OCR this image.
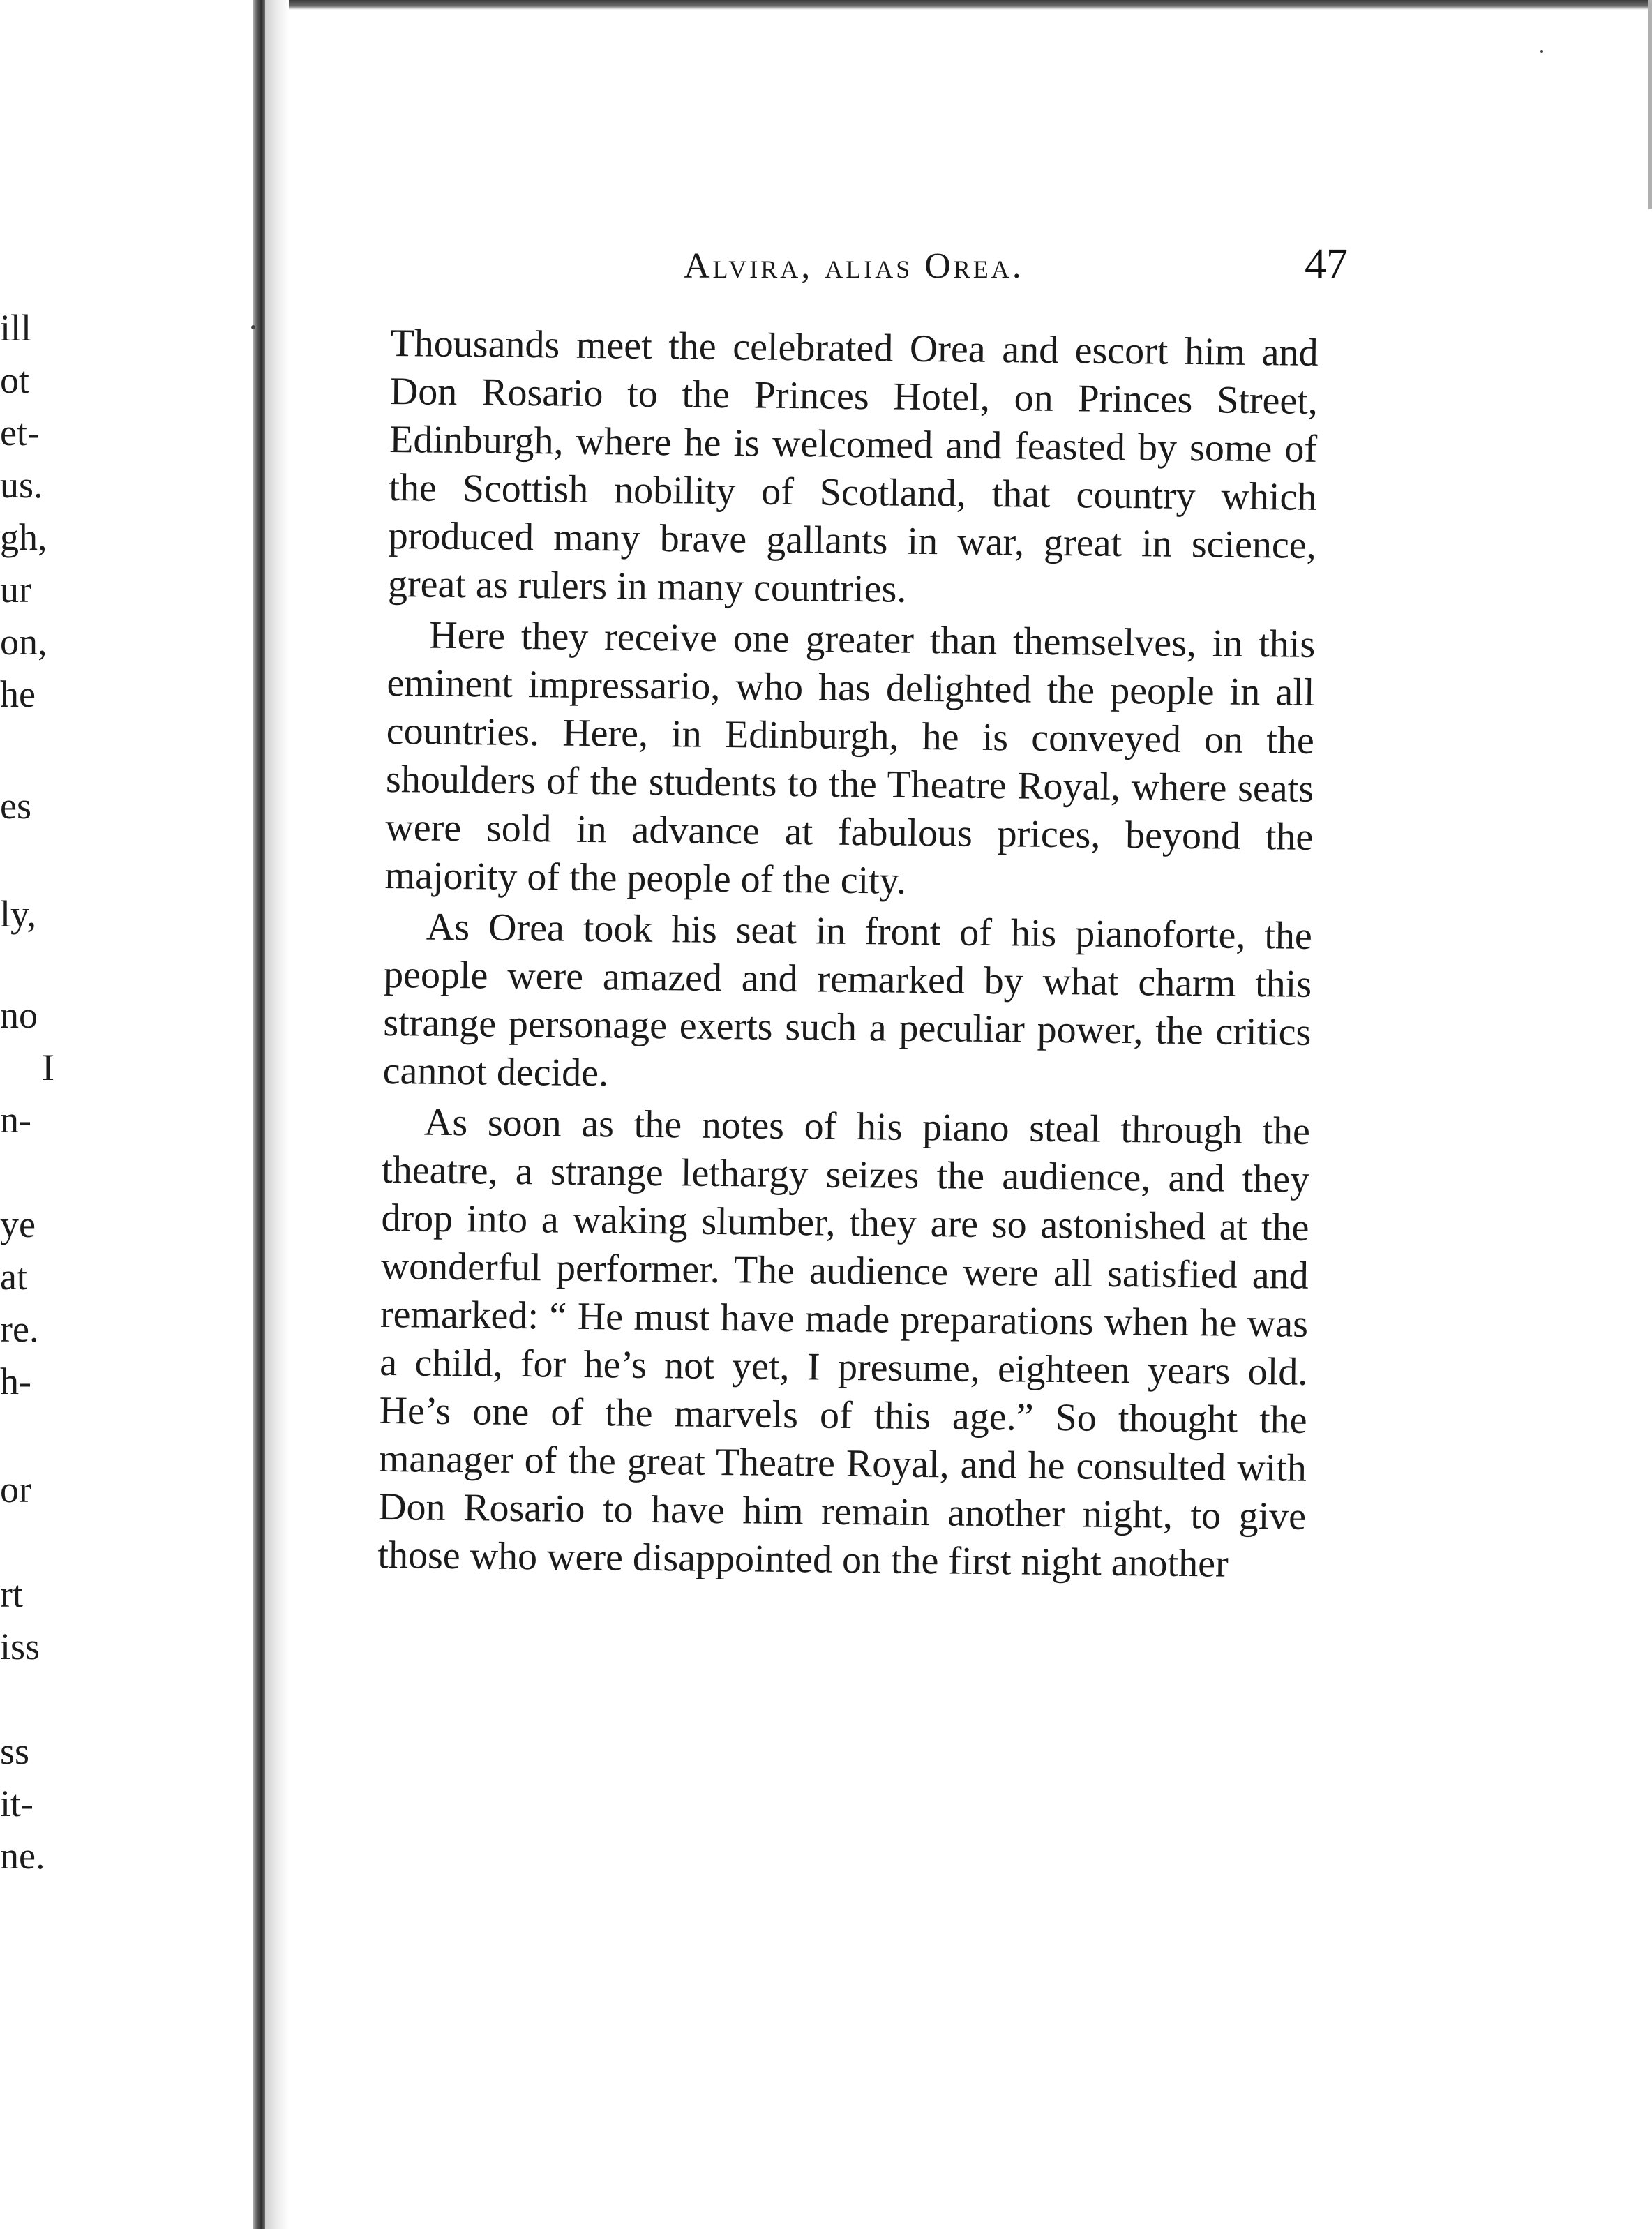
ill
ot
et-
us.
gh,
ur
on,
he
es
ly,
no
I
n-
ye
at
re.
h-
or
rt
iss
ss
it-
ne.
Alvira, alias Orea.	47

Thousands meet the celebrated Orea and escort him and Don Rosario to the Princes Hotel, on Princes Street, Edinburgh, where he is welcomed and feasted by some of the Scottish nobility of Scotland, that country which produced many brave gallants in war, great in science, great as rulers in many countries.

Here they receive one greater than themselves, in this eminent impressario, who has delighted the people in all countries. Here, in Edinburgh, he is conveyed on the shoulders of the students to the Theatre Royal, where seats were sold in advance at fabulous prices, beyond the majority of the people of the city.

As Orea took his seat in front of his pianoforte, the people were amazed and remarked by what charm this strange personage exerts such a peculiar power, the critics cannot decide.

As soon as the notes of his piano steal through the theatre, a strange lethargy seizes the audience, and they drop into a waking slumber, they are so astonished at the wonderful performer. The audience were all satisfied and remarked: “ He must have made preparations when he was a child, for he’s not yet, I presume, eighteen years old. He’s one of the marvels of this age.” So thought the manager of the great Theatre Royal, and he consulted with Don Rosario to have him remain another night, to give those who were disappointed on the first night another
